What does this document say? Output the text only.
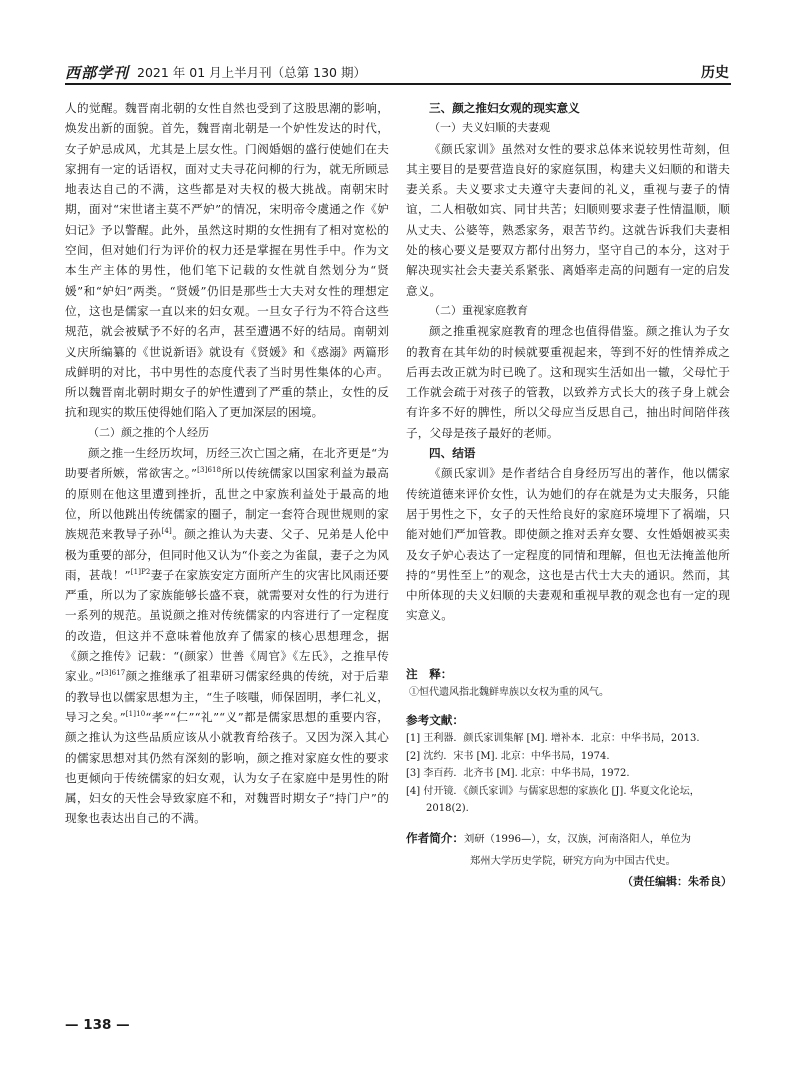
西部学刊 2021 年 01 月上半月刊（总第 130 期）	历史

人的觉醒。魏晋南北朝的女性自然也受到了这股思潮的影响，焕发出新的面貌。首先，魏晋南北朝是一个妒性发达的时代，女子妒忌成风，尤其是上层女性。门阀婚姻的盛行使她们在夫家拥有一定的话语权，面对丈夫寻花问柳的行为，就无所顾忌地表达自己的不满，这些都是对夫权的极大挑战。南朝宋时期，面对“宋世诸主莫不严妒”的情况，宋明帝令虞通之作《妒妇记》予以警醒。此外，虽然这时期的女性拥有了相对宽松的空间，但对她们行为评价的权力还是掌握在男性手中。作为文本生产主体的男性，他们笔下记载的女性就自然划分为“贤媛”和“妒妇”两类。“贤媛”仍旧是那些士大夫对女性的理想定位，这也是儒家一直以来的妇女观。一旦女子行为不符合这些规范，就会被赋予不好的名声，甚至遭遇不好的结局。南朝刘义庆所编纂的《世说新语》就设有《贤媛》和《惑溺》两篇形成鲜明的对比，书中男性的态度代表了当时男性集体的心声。所以魏晋南北朝时期女子的妒性遭到了严重的禁止，女性的反抗和现实的欺压使得她们陷入了更加深层的困境。

（二）颜之推的个人经历

颜之推一生经历坎坷，历经三次亡国之痛，在北齐更是“为助要者所嫉，常欲害之。”$^{[3]618}$所以传统儒家以国家利益为最高的原则在他这里遭到挫折，乱世之中家族利益处于最高的地位，所以他跳出传统儒家的圈子，制定一套符合现世规则的家族规范来教导子孙[4]。颜之推认为夫妻、父子、兄弟是人伦中极为重要的部分，但同时他又认为“仆妾之为雀鼠，妻子之为风雨，甚哉！”$^{[1]P2}$妻子在家族安定方面所产生的灾害比风雨还要严重，所以为了家族能够长盛不衰，就需要对女性的行为进行一系列的规范。虽说颜之推对传统儒家的内容进行了一定程度的改造，但这并不意味着他放弃了儒家的核心思想理念，据《颜之推传》记载：“(颜家）世善《周官》《左氏》，之推早传家业。”$^{[3]617}$颜之推继承了祖辈研习儒家经典的传统，对于后辈的教导也以儒家思想为主，“生子咳嗤，师保固明，孝仁礼义，导习之矣。”$^{[1]10}$“孝”“仁”“礼”“义”都是儒家思想的重要内容，颜之推认为这些品质应该从小就教育给孩子。又因为深入其心的儒家思想对其仍然有深刻的影响，颜之推对家庭女性的要求也更倾向于传统儒家的妇女观，认为女子在家庭中是男性的附属，妇女的天性会导致家庭不和，对魏晋时期女子“持门户”的现象也表达出自己的不满。

三、颜之推妇女观的现实意义
（一）夫义妇顺的夫妻观

《颜氏家训》虽然对女性的要求总体来说较男性苛刻，但其主要目的是要营造良好的家庭氛围，构建夫义妇顺的和谐夫妻关系。夫义要求丈夫遵守夫妻间的礼义，重视与妻子的情谊，二人相敬如宾、同甘共苦；妇顺则要求妻子性情温顺，顺从丈夫、公婆等，熟悉家务，艰苦节约。这就告诉我们夫妻相处的核心要义是要双方都付出努力，坚守自己的本分，这对于解决现实社会夫妻关系紧张、离婚率走高的问题有一定的启发意义。

（二）重视家庭教育

颜之推重视家庭教育的理念也值得借鉴。颜之推认为子女的教育在其年幼的时候就要重视起来，等到不好的性情养成之后再去改正就为时已晚了。这和现实生活如出一辙，父母忙于工作就会疏于对孩子的管教，以致养方式长大的孩子身上就会有许多不好的脾性，所以父母应当反思自己，抽出时间陪伴孩子，父母是孩子最好的老师。

四、结语

《颜氏家训》是作者结合自身经历写出的著作，他以儒家传统道德来评价女性，认为她们的存在就是为丈夫服务，只能居于男性之下，女子的天性给良好的家庭环境埋下了祸端，只能对她们严加管教。即使颜之推对丢弃女婴、女性婚姻被买卖及女子妒心表达了一定程度的同情和理解，但也无法掩盖他所持的“男性至上”的观念，这也是古代士大夫的通识。然而，其中所体现的夫义妇顺的夫妻观和重视早教的观念也有一定的现实意义。

注　释：
①恒代遗风指北魏鲜卑族以女权为重的风气。
参考文献：
[1] 王利器．颜氏家训集解 [M]. 增补本．北京：中华书局，2013.
[2] 沈约．宋书 [M]. 北京：中华书局，1974.
[3] 李百药．北齐书 [M]. 北京：中华书局，1972.
[4] 付开镜．《颜氏家训》与儒家思想的家族化 [J]. 华夏文化论坛，2018(2).
作者简介：刘研（1996—），女，汉族，河南洛阳人，单位为
郑州大学历史学院，研究方向为中国古代史。
（责任编辑：朱希良）
— 138 —
